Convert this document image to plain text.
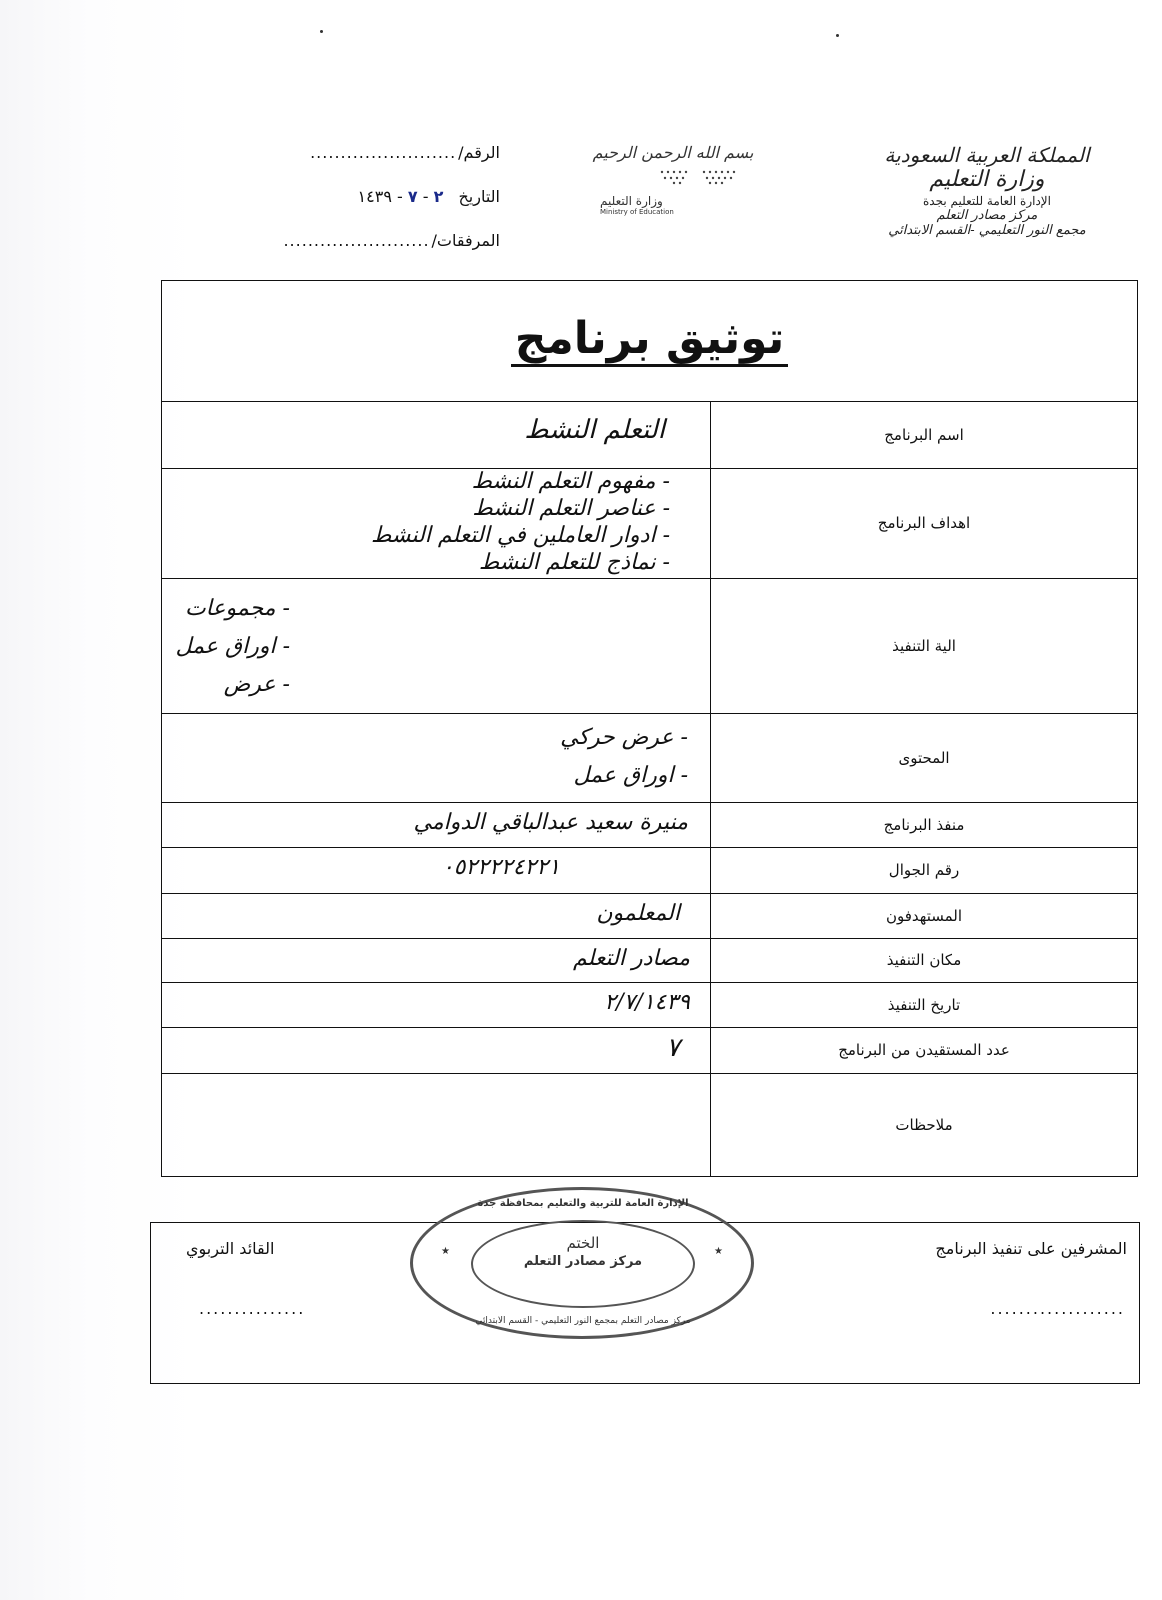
المملكة العربية السعودية
وزارة التعليم
الإدارة العامة للتعليم بجدة
مركز مصادر التعلم
مجمع النور التعليمي -القسم الابتدائي
بسم الله الرحمن الرحيم
وزارة التعليم
Ministry of Education
الرقم/........................
التاريخ ٢ - ٧ - ١٤٣٩
المرفقات/........................
توثيق برنامج
اسم البرنامج
التعلم النشط
اهداف البرنامج
- مفهوم التعلم النشط
- عناصر التعلم النشط
- ادوار العاملين في التعلم النشط
- نماذج للتعلم النشط
الية التنفيذ
- مجموعات
- اوراق عمل
- عرض
المحتوى
- عرض حركي
- اوراق عمل
منفذ البرنامج
منيرة سعيد عبدالباقي الدوامي
رقم الجوال
٠٥٢٢٢٢٤٢٢١
المستهدفون
المعلمون
مكان التنفيذ
مصادر التعلم
تاريخ التنفيذ
٢/٧/١٤٣٩
عدد المستقيدن من البرنامج
٧
ملاحظات
المشرفين على تنفيذ البرنامج
القائد التربوي
...................
...............
الإدارة العامة للتربية والتعليم بمحافظة جدة
★	★
الختم
مركز مصادر التعلم
مركز مصادر التعلم بمجمع النور التعليمي - القسم الابتدائي
